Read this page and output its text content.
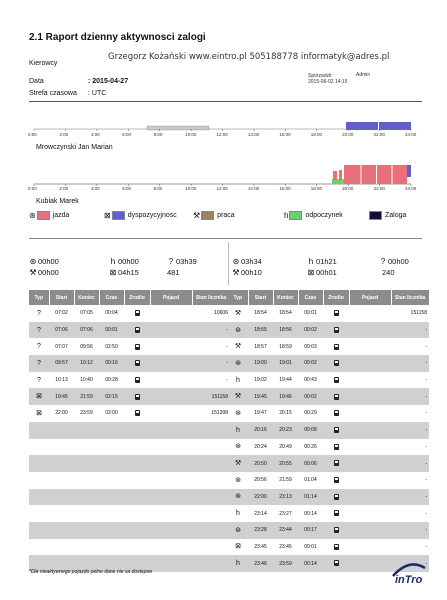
2.1 Raport dzienny aktywnosci zalogi
Kierowcy
Grzegorz Kożański www.eintro.pl 505188778 informatyk@adres.pl
Data	: 2015-04-27
Strefa czasowa : UTC
Sporzadzil:	Admin
2015-06-02 14:15
0:00	2:00	4:00	6:00	8:00	10:00	12:00	14:00	16:00	18:00	20:00	22:00	24:00
Mrowczynski Jan Marian
0:00	2:00	4:00	6:00	8:00	10:00	12:00	14:00	16:00	18:00	20:00	22:00	24:00
Kubiak Marek
⊛ jazda	⊠ dyspozycyjnosc ⚒ praca	h odpoczynek	Zaloga
⊛ 00h00	h 00h00	? 03h39
⚒00h00	⊠ 04h15	481
⊛ 03h34	h 01h21	? 00h00
⚒00h10	⊠ 00h01	240
Typ	Start	Koniec	Czas	Zrodlo	Pojazd	Stan licznika
?	07:02	07:05	00:04			10606
?	07:06	07:06	00:01			
?	07:07	09:56	02:50			
?	09:57	10:12	00:16			
?	10:13	10:40	00:28			
⊠	19:45	21:59	02:15			151158
⊠	22:00	23:59	02:00			151398

Typ	Start	Koniec	Czas	Zrodlo	Pojazd	Stan licznika
⚒	18:54	18:54	00:01			151158
⊛	18:55	18:56	00:02			-
⚒	18:57	18:59	00:03			-
⊛	19:00	19:01	00:02			-
h	19:02	19:44	00:43			-
⚒	19:45	19:46	00:02			-
⊛	19:47	20:15	00:29			-
h	20:16	20:23	00:08			-
⊛	20:24	20:49	00:26			-
⚒	20:50	20:55	00:06			-
⊛	20:56	21:59	01:04			-
⊛	22:00	23:13	01:14			-
h	23:14	23:27	00:14			-
⊛	23:28	23:44	00:17			-
⊠	23:45	23:45	00:01			-
h	23:46	23:59	00:14			-
*Dla nieaktywnego pojazdu pelne dane nie sa dostepne
inTro
